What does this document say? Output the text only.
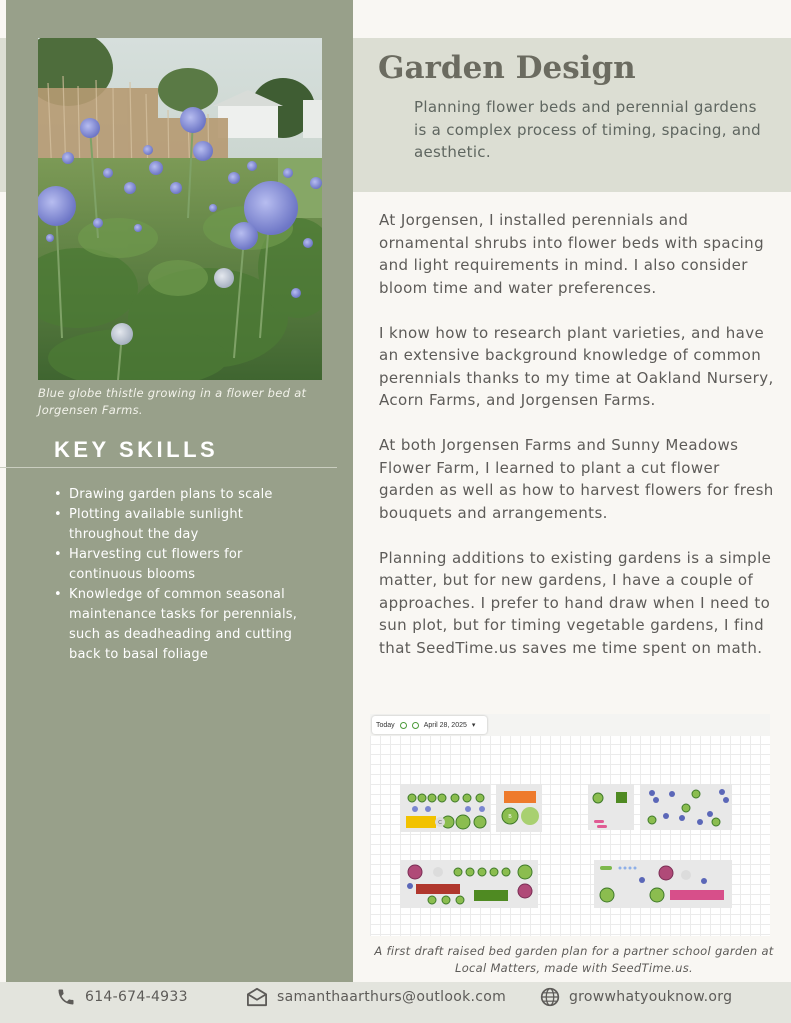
Blue globe thistle growing in a flower bed at Jorgensen Farms.
KEY SKILLS
• Drawing garden plans to scale
• Plotting available sunlight throughout the day
• Harvesting cut flowers for continuous blooms
• Knowledge of common seasonal maintenance tasks for perennials, such as deadheading and cutting back to basal foliage
Garden Design
Planning flower beds and perennial gardens is a complex process of timing, spacing, and aesthetic.

At Jorgensen, I installed perennials and ornamental shrubs into flower beds with spacing and light requirements in mind. I also consider bloom time and water preferences.

I know how to research plant varieties, and have an extensive background knowledge of common perennials thanks to my time at Oakland Nursery, Acorn Farms, and Jorgensen Farms.

At both Jorgensen Farms and Sunny Meadows Flower Farm, I learned to plant a cut flower garden as well as how to harvest flowers for fresh bouquets and arrangements.

Planning additions to existing gardens is a simple matter, but for new gardens, I have a couple of approaches. I prefer to hand draw when I need to sun plot, but for timing vegetable gardens, I find that SeedTime.us saves me time spent on math.

Today	April 28, 2025 ▾
C
B
A first draft raised bed garden plan for a partner school garden at Local Matters, made with SeedTime.us.
614-674-4933	samanthaarthurs@outlook.com	growwhatyouknow.org
